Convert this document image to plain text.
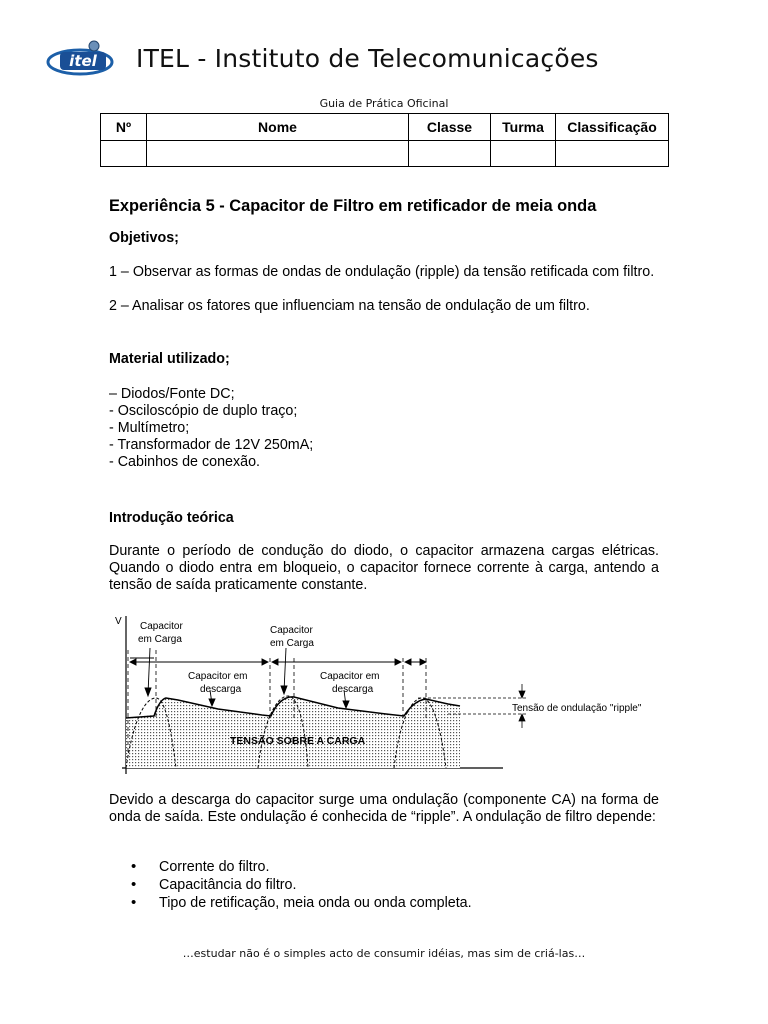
itel ITEL - Instituto de Telecomunicações
Guia de Prática Oficinal
Nº	Nome	Classe	Turma	Classificação

Experiência 5 - Capacitor de Filtro em retificador de meia onda
Objetivos;
1 – Observar as formas de ondas de ondulação (ripple) da tensão retificada com filtro.
2 – Analisar os fatores que influenciam na tensão de ondulação de um filtro.
Material utilizado;
– Diodos/Fonte DC;
- Osciloscópio de duplo traço;
- Multímetro;
- Transformador de 12V 250mA;
- Cabinhos de conexão.
Introdução teórica
Durante o período de condução do diodo, o capacitor armazena cargas elétricas. Quando o diodo entra em bloqueio, o capacitor fornece corrente à carga, antendo a tensão de saída praticamente constante.
V Capacitor
em Carga
Capacitor
em Carga
Capacitor em
descarga
Capacitor em
descarga
TENSÃO SOBRE A CARGA
Tensão de ondulação "ripple"
Devido a descarga do capacitor surge uma ondulação (componente CA) na forma de onda de saída. Este ondulação é conhecida de “ripple”. A ondulação de filtro depende:
• Corrente do filtro.
• Capacitância do filtro.
• Tipo de retificação, meia onda ou onda completa.
…estudar não é o simples acto de consumir idéias, mas sim de criá-las…
